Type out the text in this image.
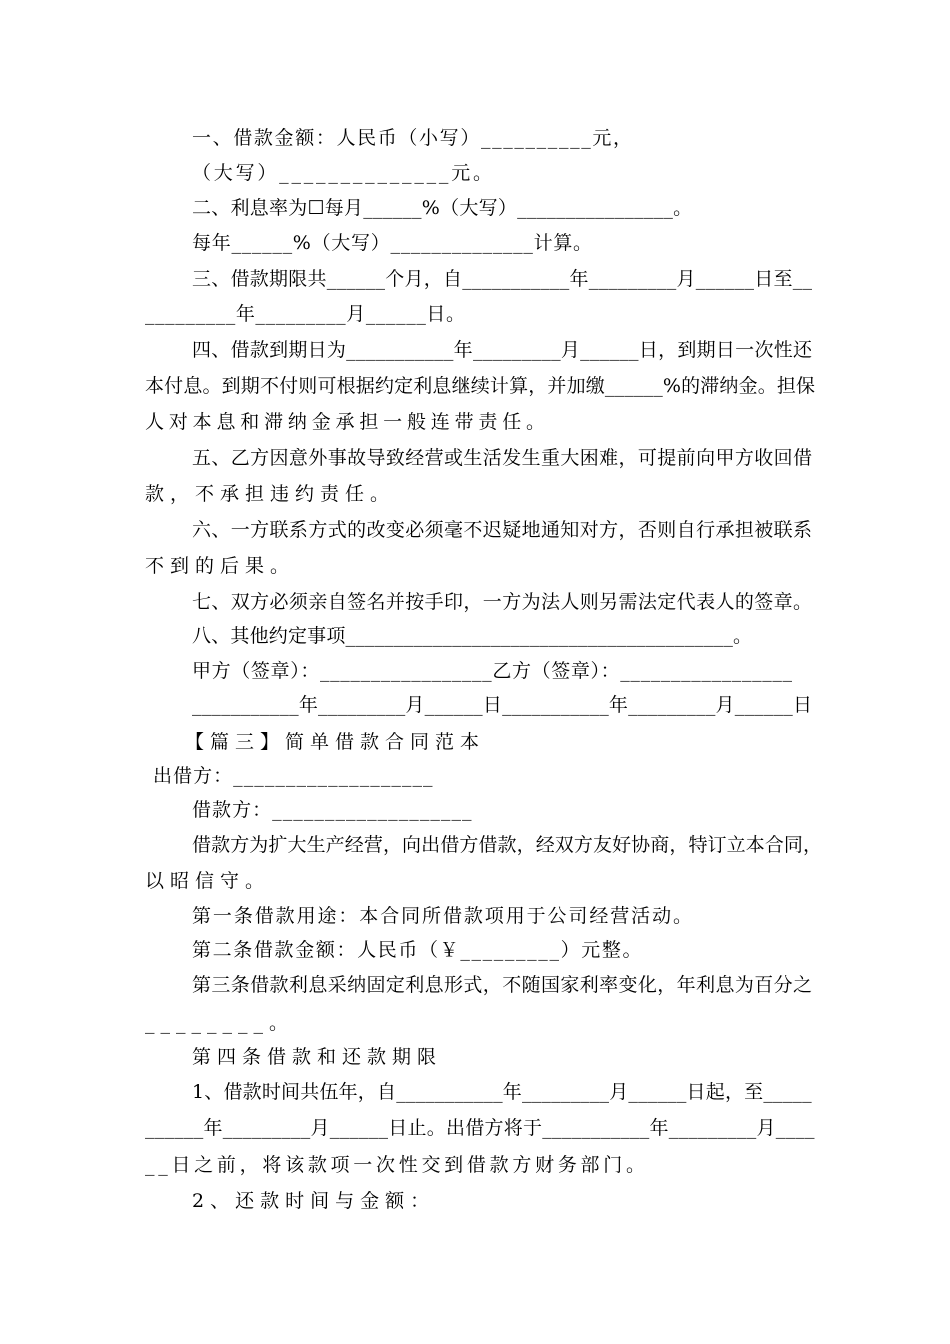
一、借款金额：人民币（小写）__________元，
（大写）______________元。
二、利息率为☐每月______%（大写）________________。
每年______%（大写）______________计算。
三、借款期限共______个月，自___________年_________月______日至__
_________年_________月______日。
四、借款到期日为___________年_________月______日，到期日一次性还
本付息。到期不付则可根据约定利息继续计算，并加缴______%的滞纳金。担保
人对本息和滞纳金承担一般连带责任。
五、乙方因意外事故导致经营或生活发生重大困难，可提前向甲方收回借
款，不承担违约责任。
六、一方联系方式的改变必须毫不迟疑地通知对方，否则自行承担被联系
不到的后果。
七、双方必须亲自签名并按手印，一方为法人则另需法定代表人的签章。
八、其他约定事项________________________________________。
甲方（签章）：_________________乙方（签章）：_________________
___________年_________月______日___________年_________月______日
【篇三】简单借款合同范本
出借方：___________________
借款方：___________________
借款方为扩大生产经营，向出借方借款，经双方友好协商，特订立本合同，
以昭信守。
第一条借款用途：本合同所借款项用于公司经营活动。
第二条借款金额：人民币（￥_________）元整。
第三条借款利息采纳固定利息形式，不随国家利率变化，年利息为百分之
________。
第四条借款和还款期限
1、借款时间共伍年，自___________年_________月______日起，至_____
______年_________月______日止。出借方将于___________年_________月____
__日之前，将该款项一次性交到借款方财务部门。
2、还款时间与金额：
